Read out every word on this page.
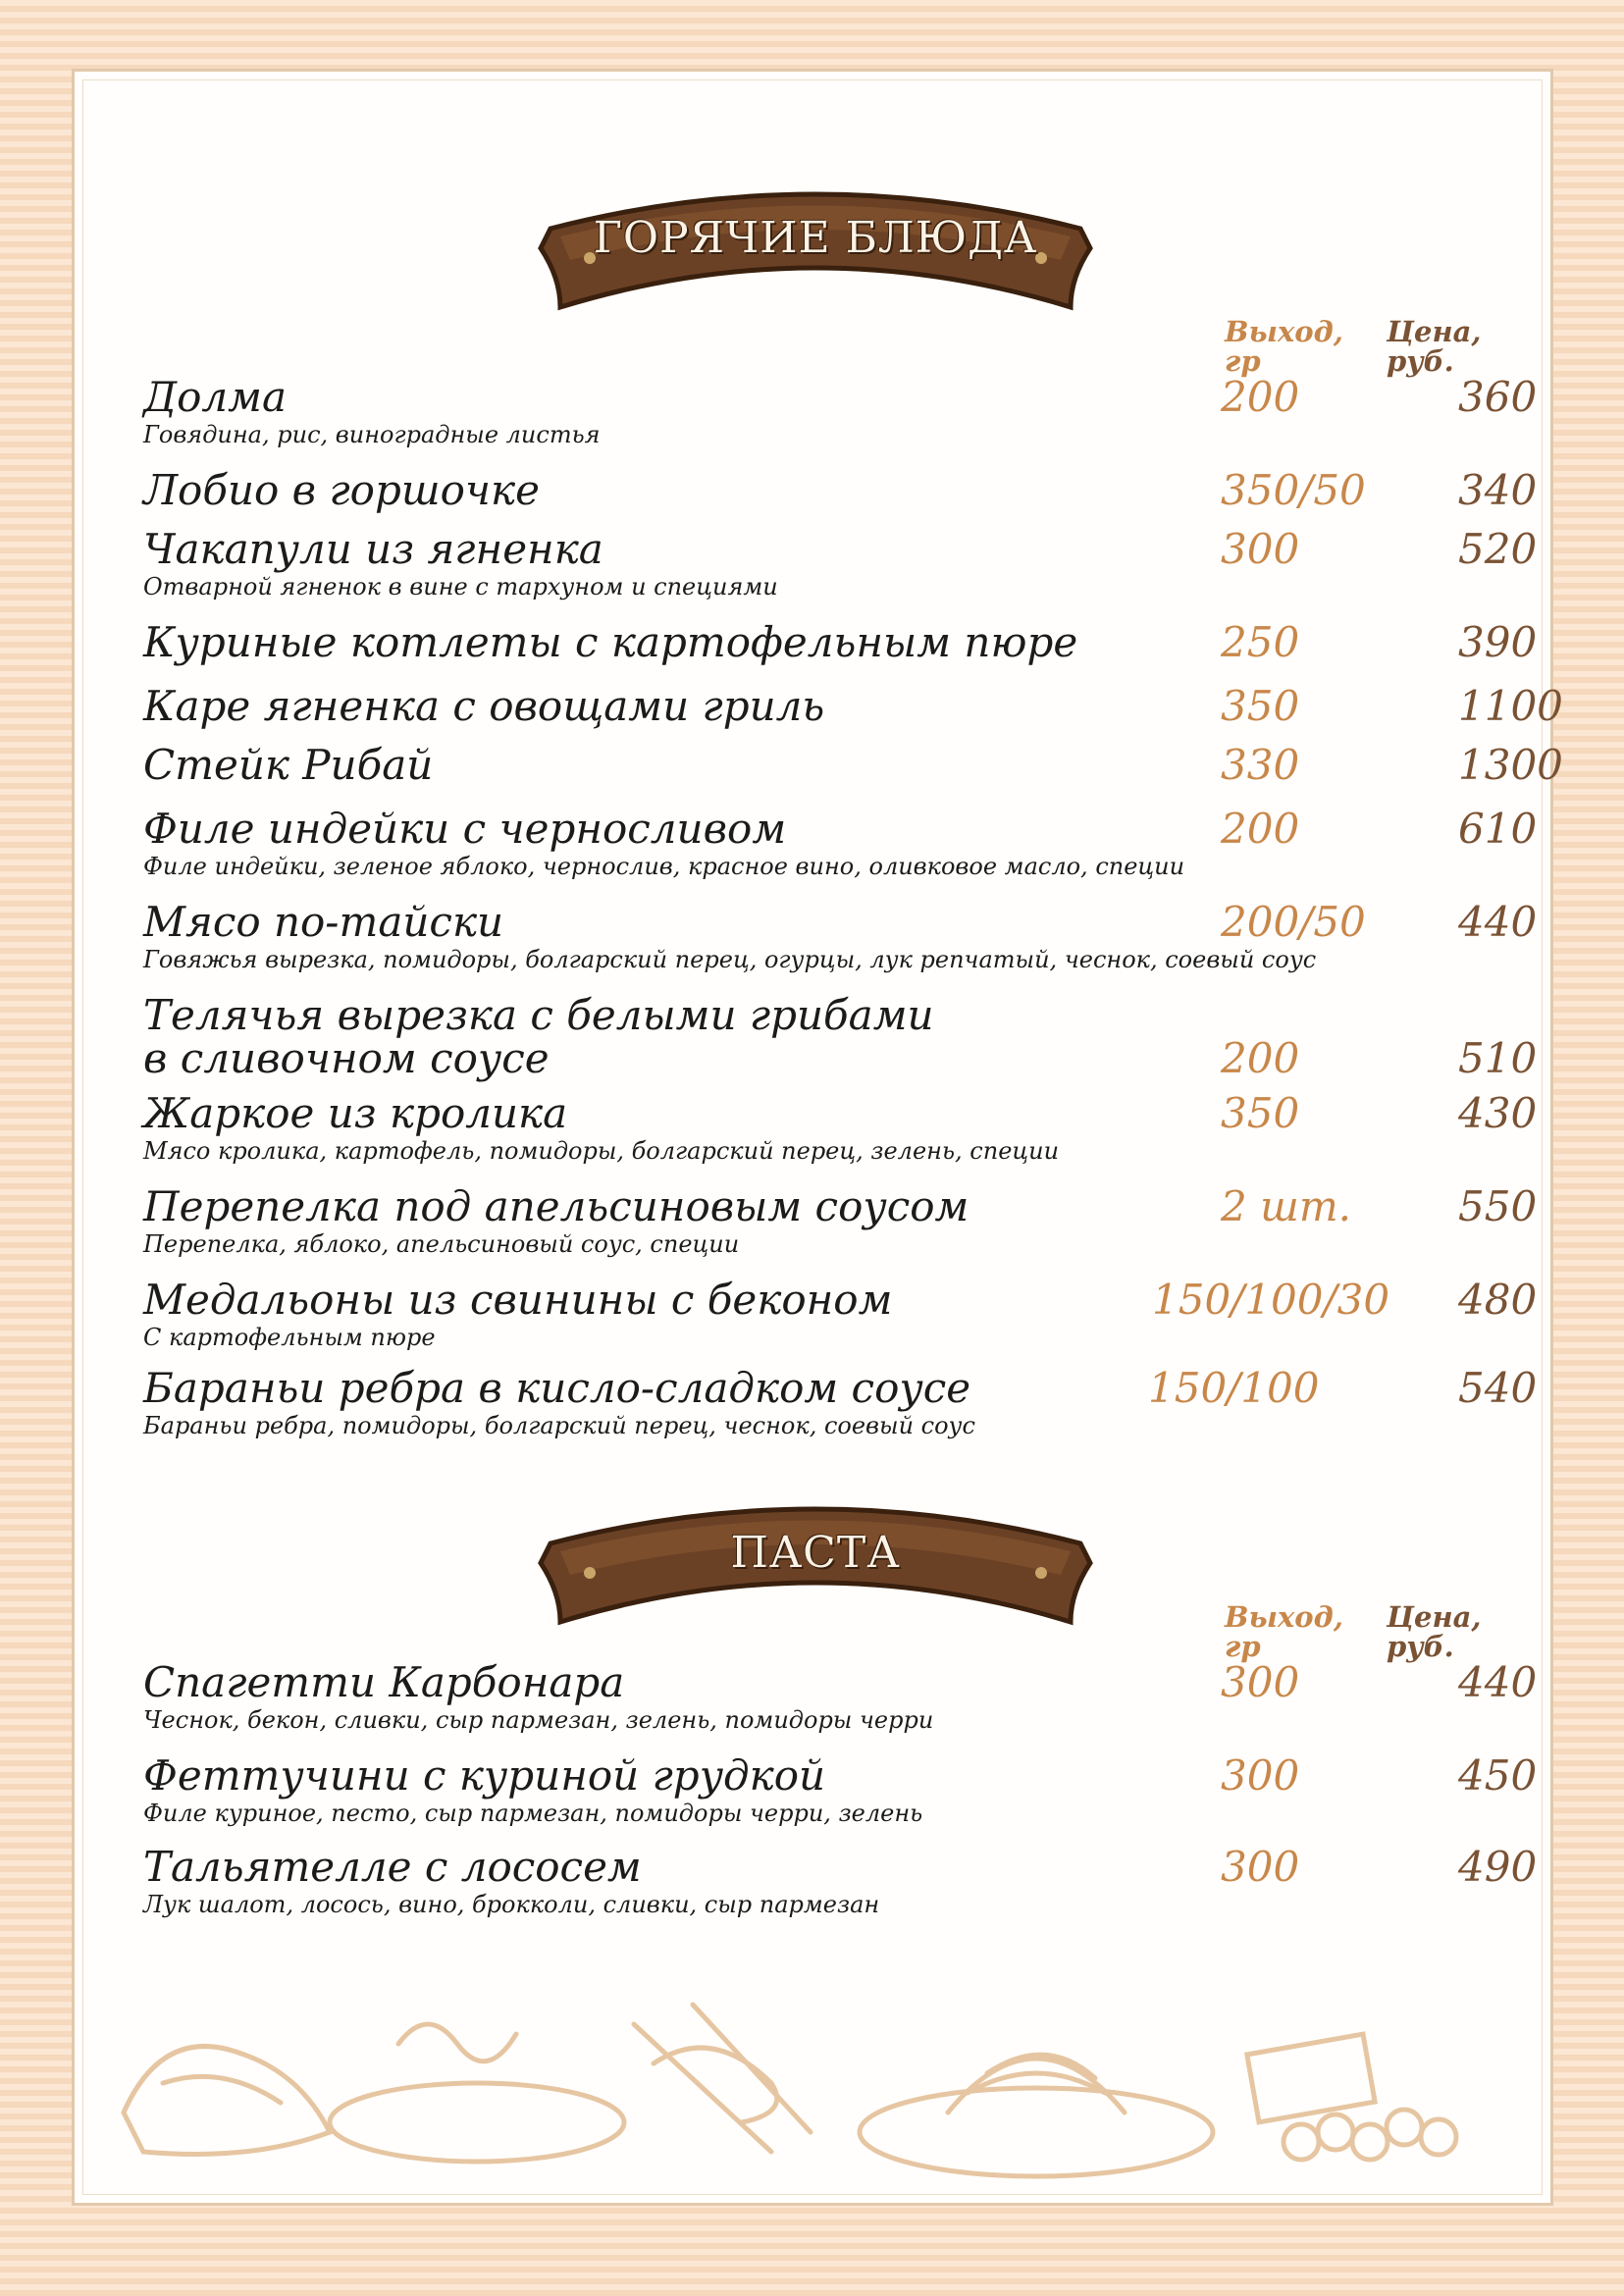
ГОРЯЧИЕ БЛЮДА
Выход,
гр
Цена,
руб.
Долма
Говядина, рис, виноградные листья
200	360
Лобио в горшочке	350/50 340
Чакапули из ягненка
Отварной ягненок в вине с тархуном и специями
300	520
Куриные котлеты с картофельным пюре	250	390
Каре ягненка с овощами гриль	350	1100
Стейк Рибай	330	1300
Филе индейки с черносливом
Филе индейки, зеленое яблоко, чернослив, красное вино, оливковое масло, специи
200	610
Мясо по-тайски
Говяжья вырезка, помидоры, болгарский перец, огурцы, лук репчатый, чеснок, соевый соус
200/50 440
Телячья вырезка с белыми грибами
в сливочном соусе	200	510
Жаркое из кролика
Мясо кролика, картофель, помидоры, болгарский перец, зелень, специи
350	430
Перепелка под апельсиновым соусом
Перепелка, яблоко, апельсиновый соус, специи
2 шт.	550
Медальоны из свинины с беконом
С картофельным пюре
150/100/30 480
Бараньи ребра в кисло-сладком соусе
Бараньи ребра, помидоры, болгарский перец, чеснок, соевый соус
150/100	540
ПАСТА
Выход,
гр
Цена,
руб.
Спагетти Карбонара
Чеснок, бекон, сливки, сыр пармезан, зелень, помидоры черри
300	440
Феттучини с куриной грудкой
Филе куриное, песто, сыр пармезан, помидоры черри, зелень
300	450
Тальятелле с лососем
Лук шалот, лосось, вино, брокколи, сливки, сыр пармезан
300	490
